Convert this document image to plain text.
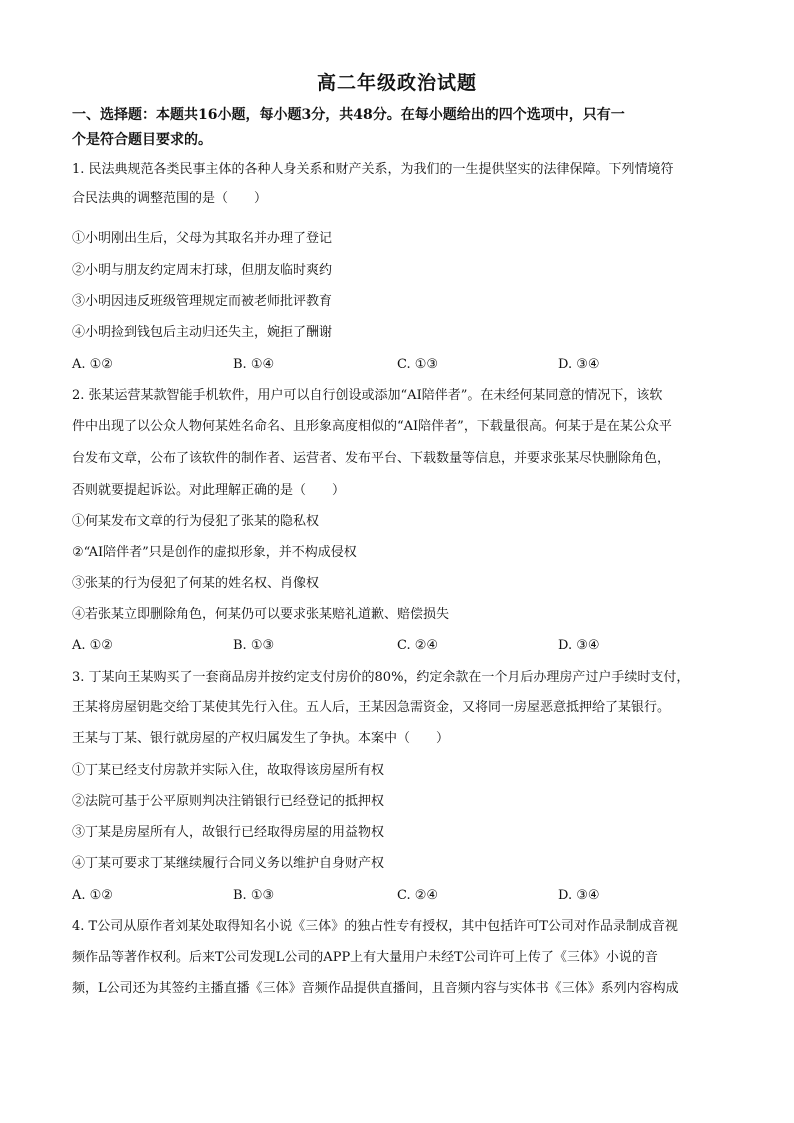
高二年级政治试题
一、选择题：本题共16小题，每小题3分，共48分。在每小题给出的四个选项中，只有一
个是符合题目要求的。
1. 民法典规范各类民事主体的各种人身关系和财产关系，为我们的一生提供坚实的法律保障。下列情境符
合民法典的调整范围的是（　　）
①小明刚出生后，父母为其取名并办理了登记
②小明与朋友约定周末打球，但朋友临时爽约
③小明因违反班级管理规定而被老师批评教育
④小明捡到钱包后主动归还失主，婉拒了酬谢
A. ①②	B. ①④	C. ①③	D. ③④
2. 张某运营某款智能手机软件，用户可以自行创设或添加“AI陪伴者”。在未经何某同意的情况下，该软
件中出现了以公众人物何某姓名命名、且形象高度相似的“AI陪伴者”，下载量很高。何某于是在某公众平
台发布文章，公布了该软件的制作者、运营者、发布平台、下载数量等信息，并要求张某尽快删除角色，
否则就要提起诉讼。对此理解正确的是（　　）
①何某发布文章的行为侵犯了张某的隐私权
②“AI陪伴者”只是创作的虚拟形象，并不构成侵权
③张某的行为侵犯了何某的姓名权、肖像权
④若张某立即删除角色，何某仍可以要求张某赔礼道歉、赔偿损失
A. ①②	B. ①③	C. ②④	D. ③④
3. 丁某向王某购买了一套商品房并按约定支付房价的80%，约定余款在一个月后办理房产过户手续时支付，
王某将房屋钥匙交给丁某使其先行入住。五人后，王某因急需资金，又将同一房屋恶意抵押给了某银行。
王某与丁某、银行就房屋的产权归属发生了争执。本案中（　　）
①丁某已经支付房款并实际入住，故取得该房屋所有权
②法院可基于公平原则判决注销银行已经登记的抵押权
③丁某是房屋所有人，故银行已经取得房屋的用益物权
④丁某可要求丁某继续履行合同义务以维护自身财产权
A. ①②	B. ①③	C. ②④	D. ③④
4. T公司从原作者刘某处取得知名小说《三体》的独占性专有授权，其中包括许可T公司对作品录制成音视
频作品等著作权利。后来T公司发现L公司的APP上有大量用户未经T公司许可上传了《三体》小说的音
频，L公司还为其签约主播直播《三体》音频作品提供直播间，且音频内容与实体书《三体》系列内容构成
